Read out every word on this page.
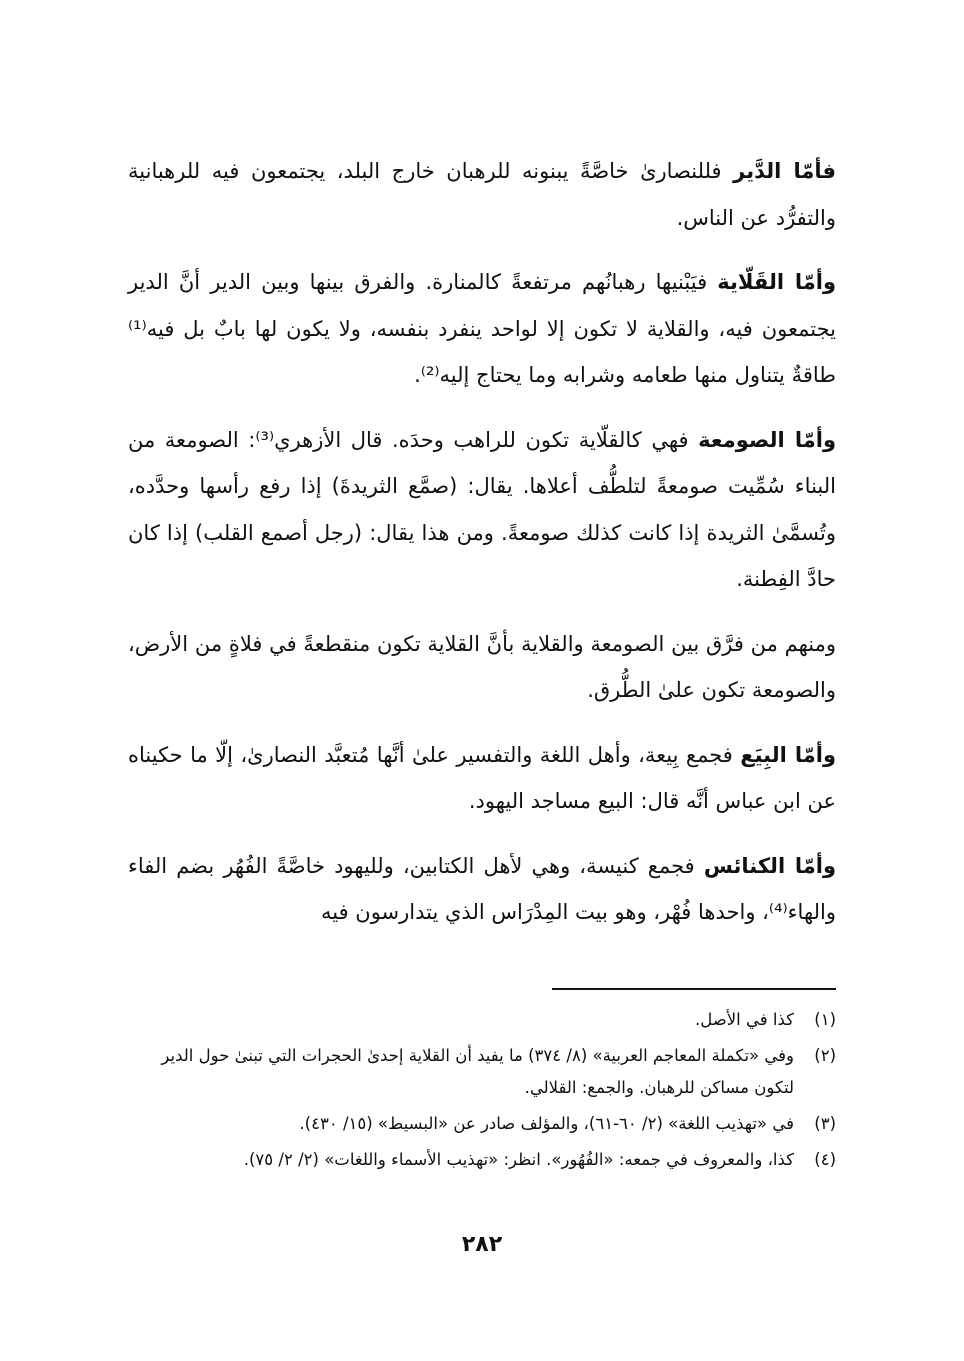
فأمّا الدَّير فللنصارىٰ خاصَّةً يبنونه للرهبان خارج البلد، يجتمعون فيه للرهبانية والتفرُّد عن الناس.

وأمّا القَلّاية فيَبْنيها رهبانُهم مرتفعةً كالمنارة. والفرق بينها وبين الدير أنَّ الدير يجتمعون فيه، والقلاية لا تكون إلا لواحد ينفرد بنفسه، ولا يكون لها بابٌ بل فيه⁽¹⁾ طاقةٌ يتناول منها طعامه وشرابه وما يحتاج إليه⁽²⁾.

وأمّا الصومعة فهي كالقلّاية تكون للراهب وحدَه. قال الأزهري⁽³⁾: الصومعة من البناء سُمِّيت صومعةً لتلطُّف أعلاها. يقال: (صمَّع الثريدةَ) إذا رفع رأسها وحدَّده، وتُسمَّىٰ الثريدة إذا كانت كذلك صومعةً. ومن هذا يقال: (رجل أصمع القلب) إذا كان حادَّ الفِطنة.

ومنهم من فرَّق بين الصومعة والقلاية بأنَّ القلاية تكون منقطعةً في فلاةٍ من الأرض، والصومعة تكون علىٰ الطُّرق.

وأمّا البِيَع فجمع بِيعة، وأهل اللغة والتفسير علىٰ أنَّها مُتعبَّد النصارىٰ، إلّا ما حكيناه عن ابن عباس أنَّه قال: البيع مساجد اليهود.

وأمّا الكنائس فجمع كنيسة، وهي لأهل الكتابين، ولليهود خاصَّةً الفُهُر بضم الفاء والهاء⁽⁴⁾، واحدها فُهْر، وهو بيت المِدْرَاس الذي يتدارسون فيه

(١)
كذا في الأصل.
(٢)
وفي «تكملة المعاجم العربية» (٨/ ٣٧٤) ما يفيد أن القلاية إحدىٰ الحجرات التي تبنىٰ حول الدير لتكون مساكن للرهبان. والجمع: القلالي.
(٣)
في «تهذيب اللغة» (٢/ ٦٠-٦١)، والمؤلف صادر عن «البسيط» (١٥/ ٤٣٠).
(٤)
كذا، والمعروف في جمعه: «الفُهُور». انظر: «تهذيب الأسماء واللغات» (٢/ ٢/ ٧٥).
٢٨٢
